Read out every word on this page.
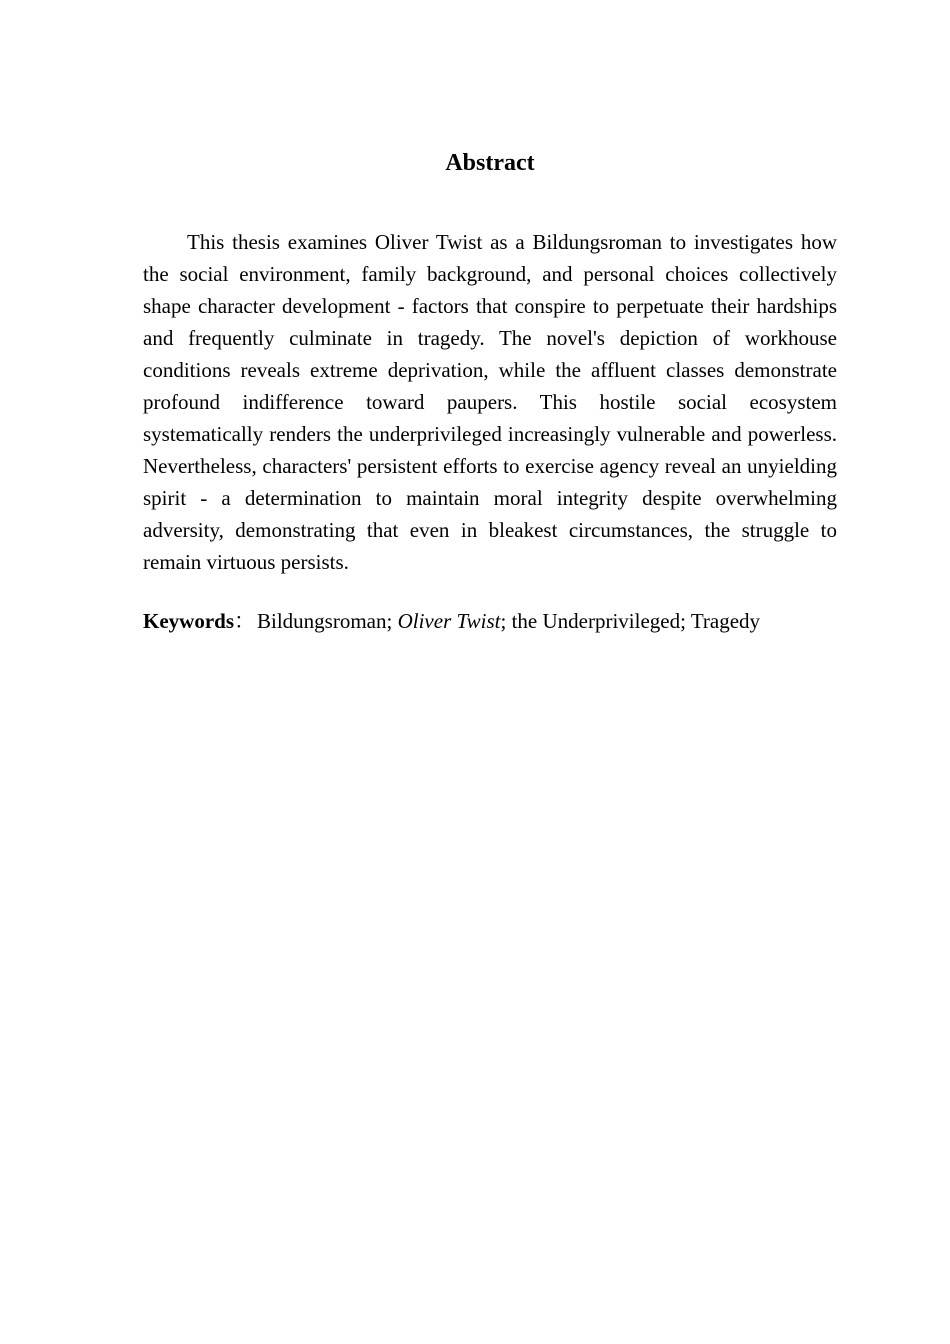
Abstract

This thesis examines Oliver Twist as a Bildungsroman to investigates how the social environment, family background, and personal choices collectively shape character development - factors that conspire to perpetuate their hardships and frequently culminate in tragedy. The novel's depiction of workhouse conditions reveals extreme deprivation, while the affluent classes demonstrate profound indifference toward paupers. This hostile social ecosystem systematically renders the underprivileged increasingly vulnerable and powerless. Nevertheless, characters' persistent efforts to exercise agency reveal an unyielding spirit - a determination to maintain moral integrity despite overwhelming adversity, demonstrating that even in bleakest circumstances, the struggle to remain virtuous persists.

Keywords：Bildungsroman; Oliver Twist; the Underprivileged; Tragedy
